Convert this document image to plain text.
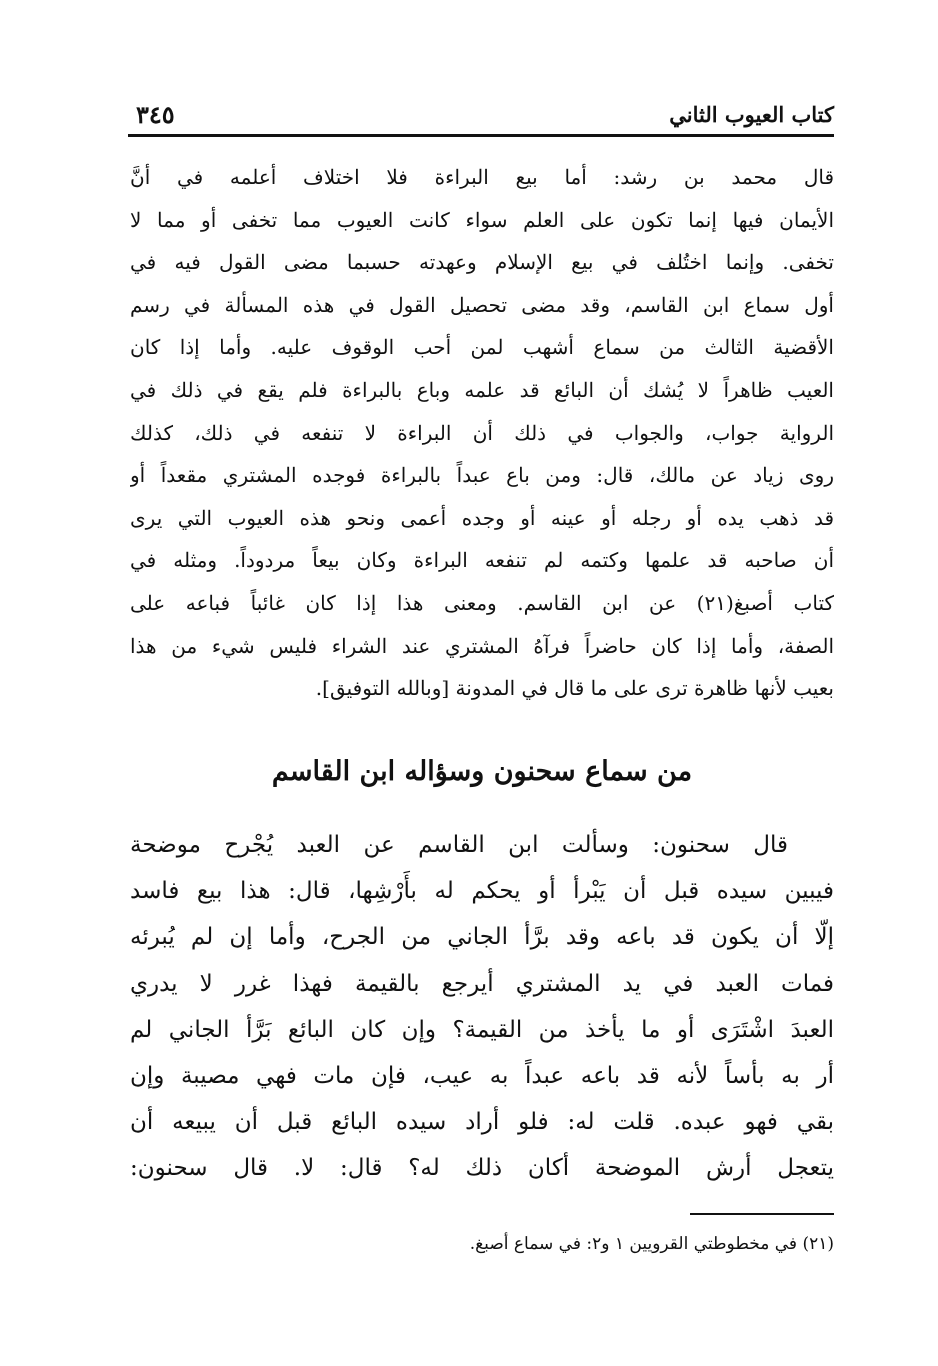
كتاب العيوب الثاني
٣٤٥
قال محمد بن رشد: أما بيع البراءة فلا اختلاف أعلمه في أنَّ
الأيمان فيها إنما تكون على العلم سواء كانت العيوب مما تخفى أو مما لا
تخفى. وإنما اختُلف في بيع الإسلام وعهدته حسبما مضى القول فيه في
أول سماع ابن القاسم، وقد مضى تحصيل القول في هذه المسألة في رسم
الأقضية الثالث من سماع أشهب لمن أحب الوقوف عليه. وأما إذا كان
العيب ظاهراً لا يُشك أن البائع قد علمه وباع بالبراءة فلم يقع في ذلك في
الرواية جواب، والجواب في ذلك أن البراءة لا تنفعه في ذلك، كذلك
روى زياد عن مالك، قال: ومن باع عبداً بالبراءة فوجده المشتري مقعداً أو
قد ذهب يده أو رجله أو عينه أو وجده أعمى ونحو هذه العيوب التي يرى
أن صاحبه قد علمها وكتمه لم تنفعه البراءة وكان بيعاً مردوداً. ومثله في
كتاب أصبغ(٢١) عن ابن القاسم. ومعنى هذا إذا كان غائباً فباعه على
الصفة، وأما إذا كان حاضراً فرآهُ المشتري عند الشراء فليس شيء من هذا
بعيب لأنها ظاهرة ترى على ما قال في المدونة [وبالله التوفيق].
من سماع سحنون وسؤاله ابن القاسم
قال سحنون: وسألت ابن القاسم عن العبد يُجْرح موضحة
فيبين سيده قبل أن يَبْرأ أو يحكم له بأَرْشِها، قال: هذا بيع فاسد
إلّا أن يكون قد باعه وقد برَّأ الجاني من الجرح، وأما إن لم يُبرئه
فمات العبد في يد المشتري أيرجع بالقيمة فهذا غرر لا يدري
العبدَ اشْتَرَى أو ما يأخذ من القيمة؟ وإن كان البائع بَرَّأ الجاني لم
أر به بأساً لأنه قد باعه عبداً به عيب، فإن مات فهي مصيبة وإن
بقي فهو عبده. قلت له: فلو أراد سيده البائع قبل أن يبيعه أن
يتعجل أرش الموضحة أكان ذلك له؟ قال: لا. قال سحنون:
(٢١) في مخطوطتي القرويين ١ و٢: في سماع أصبغ.
